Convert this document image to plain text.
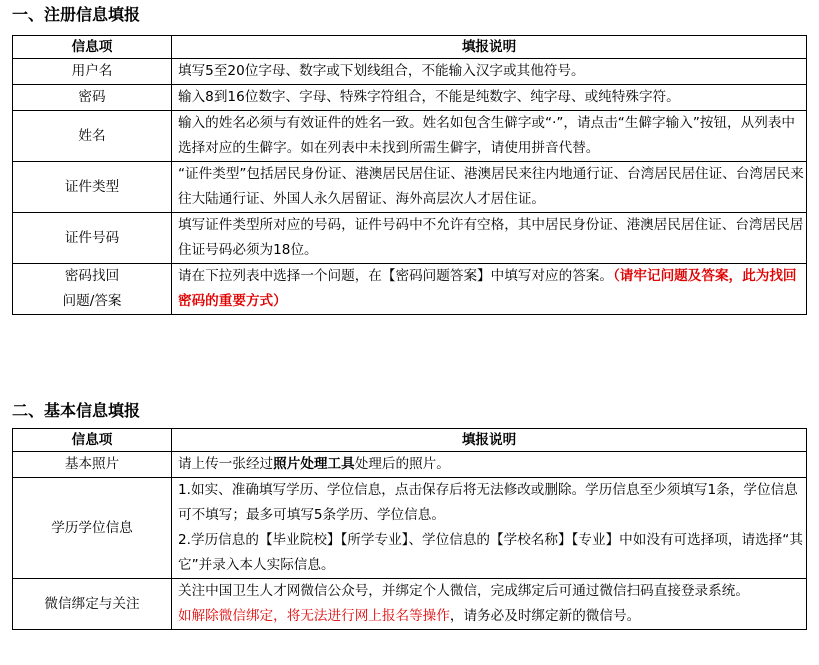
一、注册信息填报
信息项	填报说明
用户名	填写5至20位字母、数字或下划线组合，不能输入汉字或其他符号。
密码	输入8到16位数字、字母、特殊字符组合，不能是纯数字、纯字母、或纯特殊字符。
姓名	输入的姓名必须与有效证件的姓名一致。姓名如包含生僻字或“·”，请点击“生僻字输入”按钮，从列表中选择对应的生僻字。如在列表中未找到所需生僻字，请使用拼音代替。
证件类型	“证件类型”包括居民身份证、港澳居民居住证、港澳居民来往内地通行证、台湾居民居住证、台湾居民来往大陆通行证、外国人永久居留证、海外高层次人才居住证。
证件号码	填写证件类型所对应的号码，证件号码中不允许有空格，其中居民身份证、港澳居民居住证、台湾居民居住证号码必须为18位。

密码找回
问题/答案	请在下拉列表中选择一个问题，在【密码问题答案】中填写对应的答案。（请牢记问题及答案，此为找回密码的重要方式）
二、基本信息填报
信息项	填报说明
基本照片	请上传一张经过照片处理工具处理后的照片。
学历学位信息	1.如实、准确填写学历、学位信息，点击保存后将无法修改或删除。学历信息至少须填写1条，学位信息可不填写；最多可填写5条学历、学位信息。
2.学历信息的【毕业院校】【所学专业】、学位信息的【学校名称】【专业】中如没有可选择项，请选择“其它”并录入本人实际信息。

微信绑定与关注	关注中国卫生人才网微信公众号，并绑定个人微信，完成绑定后可通过微信扫码直接登录系统。
如解除微信绑定，将无法进行网上报名等操作，请务必及时绑定新的微信号。
